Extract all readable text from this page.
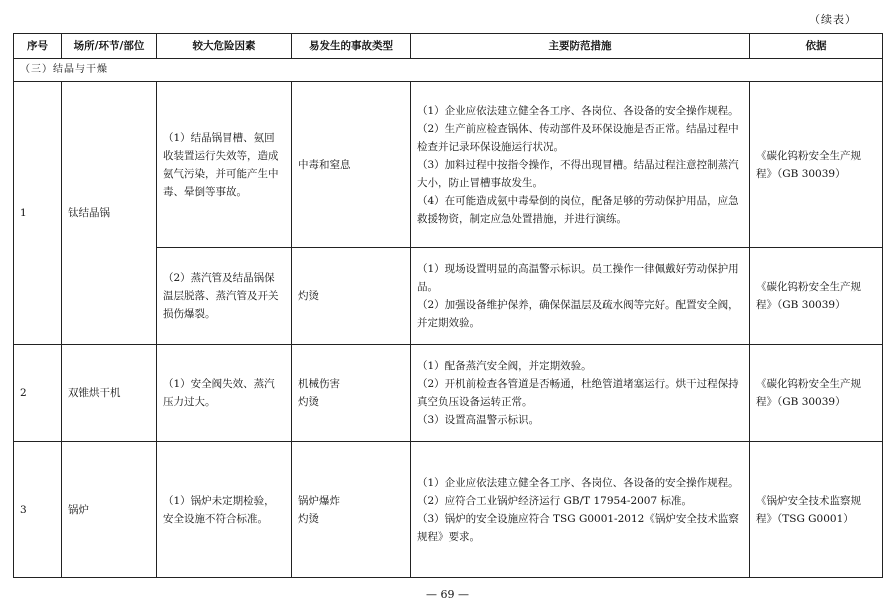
（续表）
序号	场所/环节/部位	较大危险因素	易发生的事故类型	主要防范措施	依据
（三）结晶与干燥					
1	钛结晶锅	（1）结晶锅冒槽、氨回收装置运行失效等，造成氨气污染，并可能产生中毒、晕倒等事故。	中毒和窒息	（1）企业应依法建立健全各工序、各岗位、各设备的安全操作规程。
（2）生产前应检查锅体、传动部件及环保设施是否正常。结晶过程中检查并记录环保设施运行状况。
（3）加料过程中按指令操作，不得出现冒槽。结晶过程注意控制蒸汽大小，防止冒槽事故发生。
（4）在可能造成氨中毒晕倒的岗位，配备足够的劳动保护用品，应急救援物资，制定应急处置措施，并进行演练。	《碳化钨粉安全生产规程》（GB 30039）
		（2）蒸汽管及结晶锅保温层脱落、蒸汽管及开关损伤爆裂。	灼烫	（1）现场设置明显的高温警示标识。员工操作一律佩戴好劳动保护用品。
（2）加强设备维护保养，确保保温层及疏水阀等完好。配置安全阀，并定期效验。	《碳化钨粉安全生产规程》（GB 30039）
2	双锥烘干机	（1）安全阀失效、蒸汽压力过大。	机械伤害
灼烫	（1）配备蒸汽安全阀，并定期效验。
（2）开机前检查各管道是否畅通，杜绝管道堵塞运行。烘干过程保持真空负压设备运转正常。
（3）设置高温警示标识。	《碳化钨粉安全生产规程》（GB 30039）
3	锅炉	（1）锅炉未定期检验，安全设施不符合标准。	锅炉爆炸
灼烫	（1）企业应依法建立健全各工序、各岗位、各设备的安全操作规程。
（2）应符合工业锅炉经济运行 GB/T 17954-2007 标准。
（3）锅炉的安全设施应符合 TSG G0001-2012《锅炉安全技术监察规程》要求。	《锅炉安全技术监察规程》（TSG G0001）
— 69 —
